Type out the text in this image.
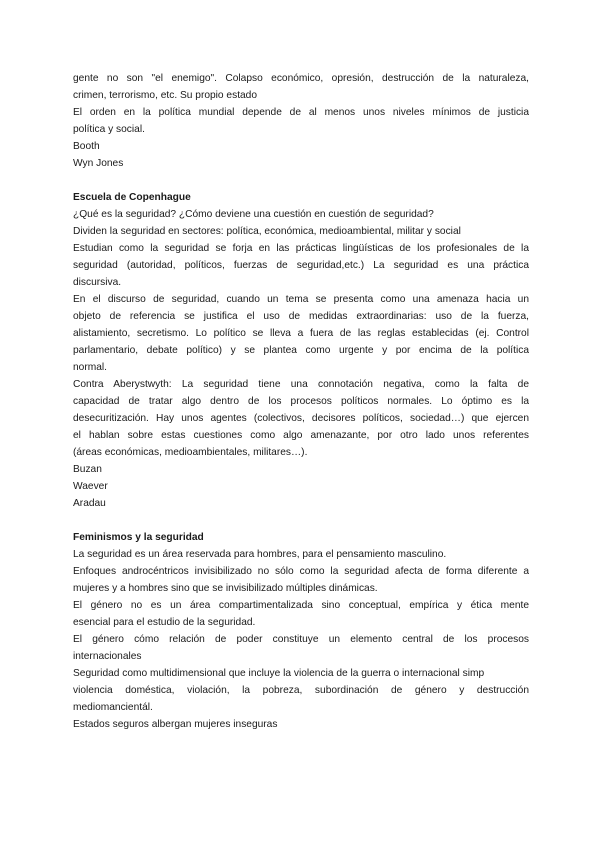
gente no son "el enemigo". Colapso económico, opresión, destrucción de la naturaleza,
crimen, terrorismo, etc. Su propio estado
El orden en la política mundial depende de al menos unos niveles mínimos de justicia
política y social.
Booth
Wyn Jones
Escuela de Copenhague
¿Qué es la seguridad? ¿Cómo deviene una cuestión en cuestión de seguridad?
Dividen la seguridad en sectores: política, económica, medioambiental, militar y social
Estudian como la seguridad se forja en las prácticas lingüísticas de los profesionales de la
seguridad (autoridad, políticos, fuerzas de seguridad,etc.) La seguridad es una práctica
discursiva.
En el discurso de seguridad, cuando un tema se presenta como una amenaza hacia un
objeto de referencia se justifica el uso de medidas extraordinarias: uso de la fuerza,
alistamiento, secretismo. Lo político se lleva a fuera de las reglas establecidas (ej. Control
parlamentario, debate político) y se plantea como urgente y por encima de la política
normal.
Contra Aberystwyth: La seguridad tiene una connotación negativa, como la falta de
capacidad de tratar algo dentro de los procesos políticos normales. Lo óptimo es la
desecuritización. Hay unos agentes (colectivos, decisores políticos, sociedad…) que ejercen
el hablan sobre estas cuestiones como algo amenazante, por otro lado unos referentes
(áreas económicas, medioambientales, militares…).
Buzan
Waever
Aradau
Feminismos y la seguridad
La seguridad es un área reservada para hombres, para el pensamiento masculino.
Enfoques androcéntricos invisibilizado no sólo como la seguridad afecta de forma diferente a
mujeres y a hombres sino que se invisibilizado múltiples dinámicas.
El género no es un área compartimentalizada sino conceptual, empírica y ética mente
esencial para el estudio de la seguridad.
El género cómo relación de poder constituye un elemento central de los procesos
internacionales
Seguridad como multidimensional que incluye la violencia de la guerra o internacional simp
violencia doméstica, violación, la pobreza, subordinación de género y destrucción
mediomancientál.
Estados seguros albergan mujeres inseguras
